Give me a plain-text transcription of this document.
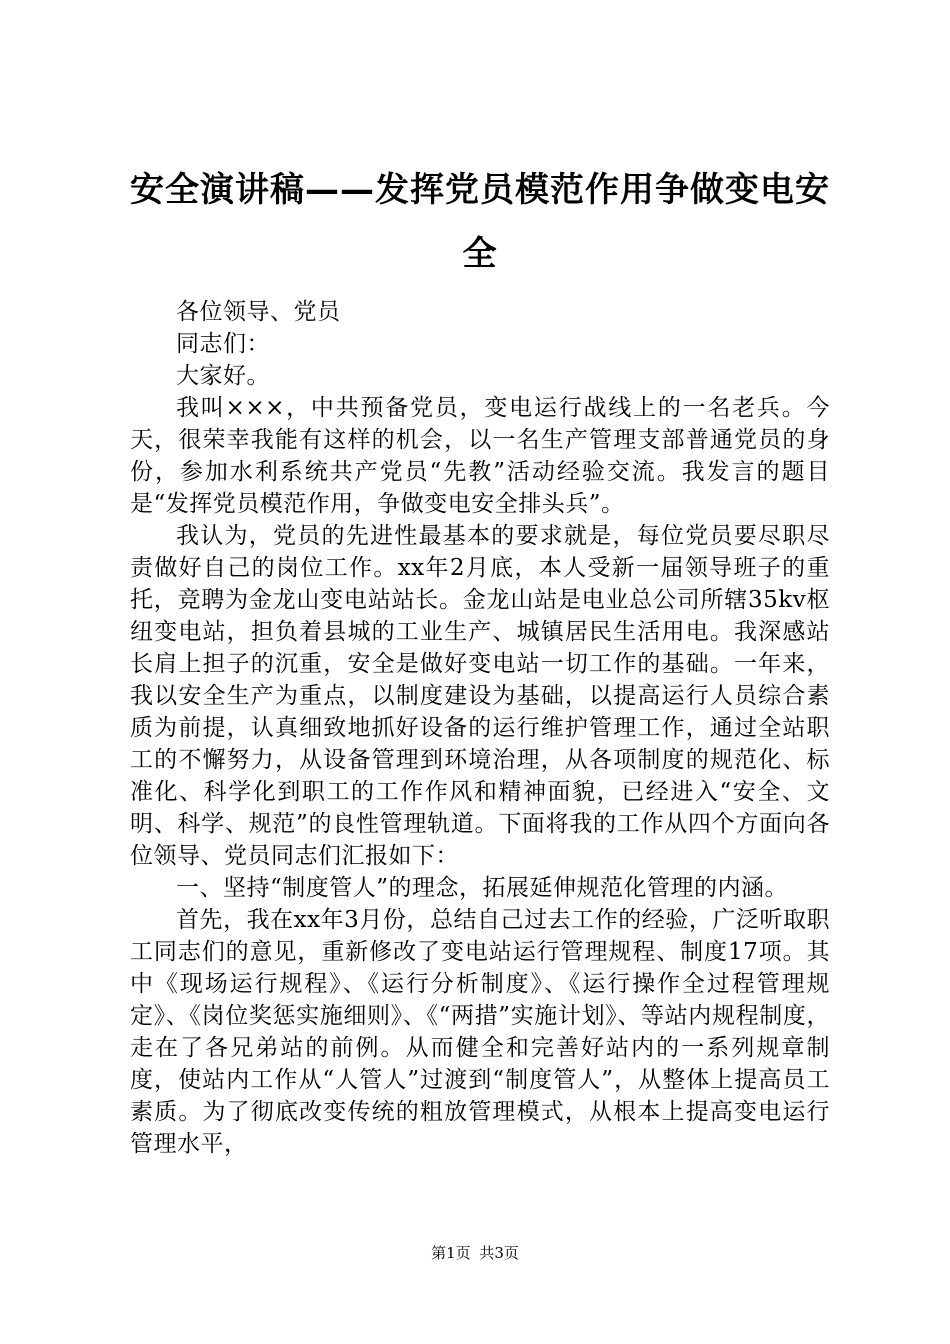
安全演讲稿——发挥党员模范作用争做变电安
全

各位领导、党员

同志们：

大家好。

我叫×××，中共预备党员，变电运行战线上的一名老兵。今天，很荣幸我能有这样的机会，以一名生产管理支部普通党员的身份，参加水利系统共产党员“先教”活动经验交流。我发言的题目是“发挥党员模范作用，争做变电安全排头兵”。

我认为，党员的先进性最基本的要求就是，每位党员要尽职尽责做好自己的岗位工作。xx年2月底，本人受新一届领导班子的重托，竞聘为金龙山变电站站长。金龙山站是电业总公司所辖35kv枢纽变电站，担负着县城的工业生产、城镇居民生活用电。我深感站长肩上担子的沉重，安全是做好变电站一切工作的基础。一年来，我以安全生产为重点，以制度建设为基础，以提高运行人员综合素质为前提，认真细致地抓好设备的运行维护管理工作，通过全站职工的不懈努力，从设备管理到环境治理，从各项制度的规范化、标准化、科学化到职工的工作作风和精神面貌，已经进入“安全、文明、科学、规范”的良性管理轨道。下面将我的工作从四个方面向各位领导、党员同志们汇报如下：

一、坚持“制度管人”的理念，拓展延伸规范化管理的内涵。

首先，我在xx年3月份，总结自己过去工作的经验，广泛听取职工同志们的意见，重新修改了变电站运行管理规程、制度17项。其中《现场运行规程》、《运行分析制度》、《运行操作全过程管理规定》、《岗位奖惩实施细则》、《“两措”实施计划》、等站内规程制度，走在了各兄弟站的前例。从而健全和完善好站内的一系列规章制度，使站内工作从“人管人”过渡到“制度管人”，从整体上提高员工素质。为了彻底改变传统的粗放管理模式，从根本上提高变电运行管理水平，

第1页 共3页
